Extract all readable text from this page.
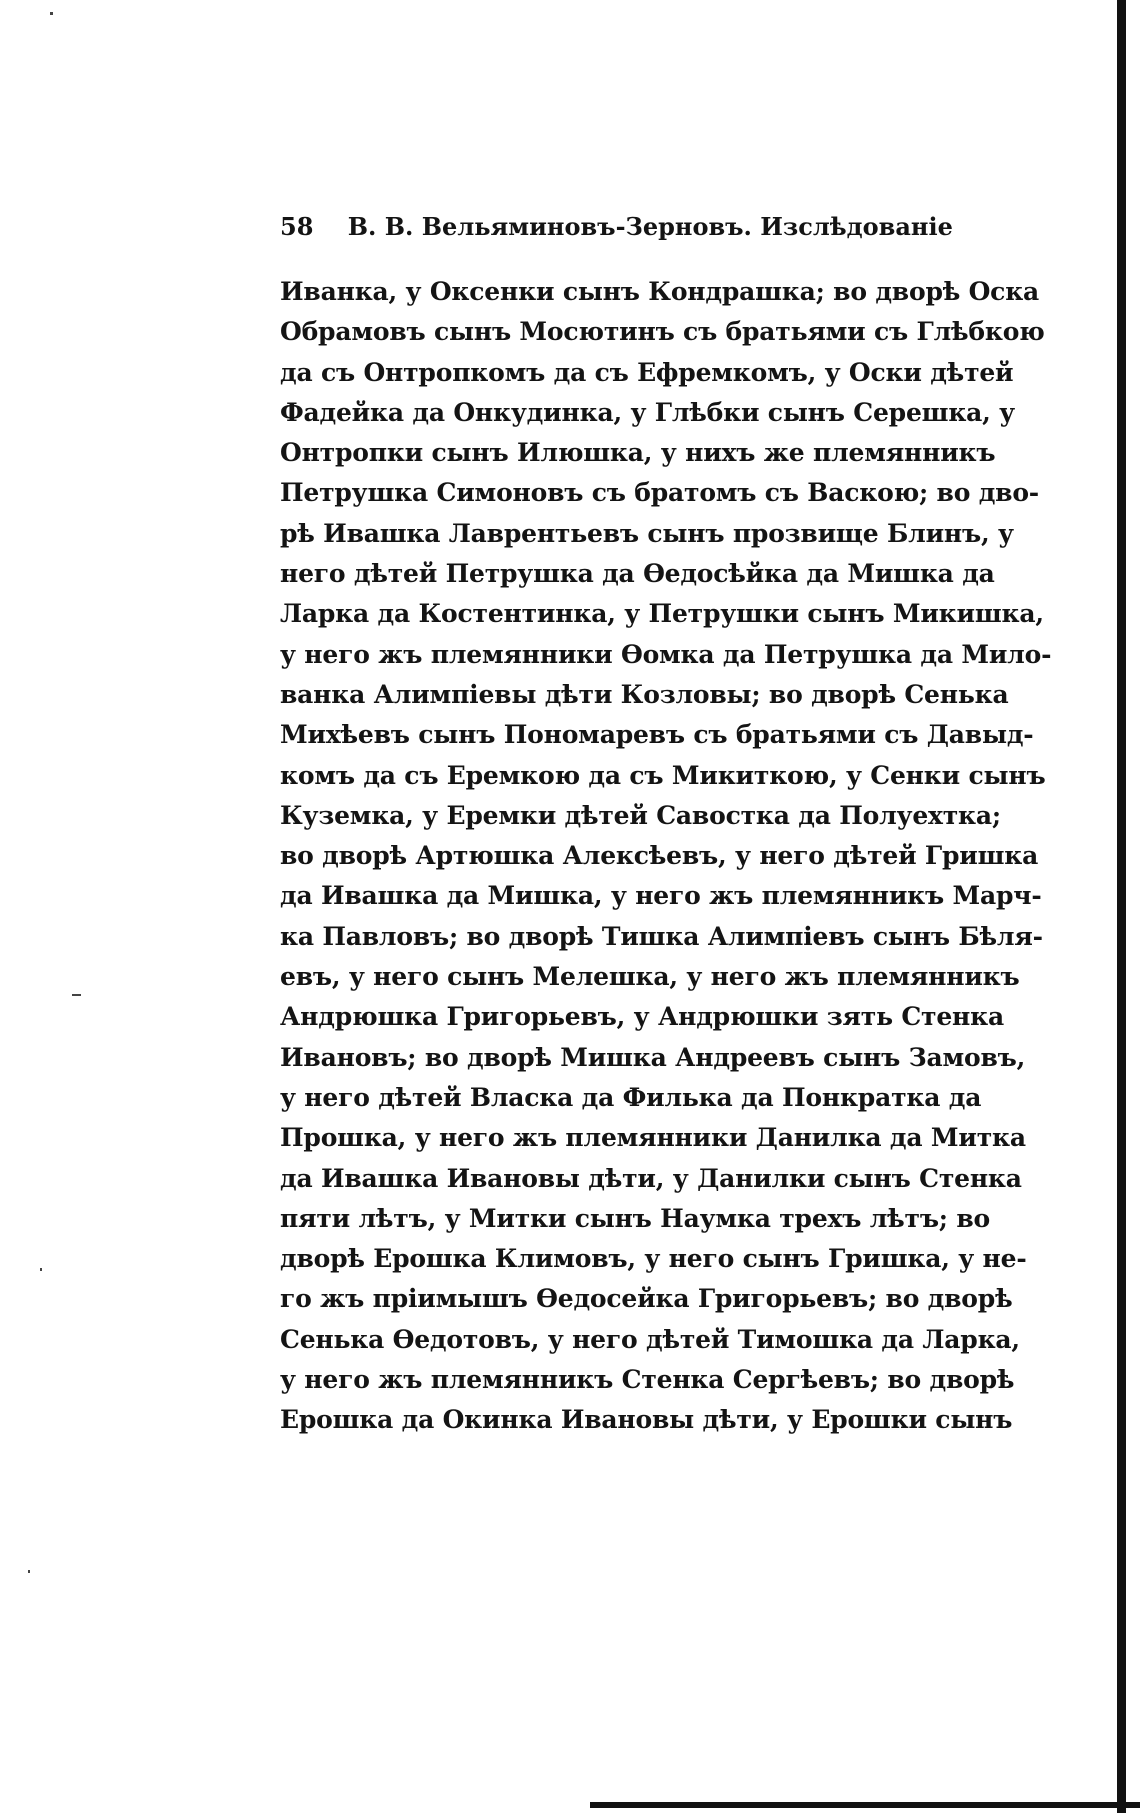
58 В. В. Вельяминовъ-Зерновъ. Изслѣдованіе
Иванка, у Оксенки сынъ Кондрашка; во дворѣ Оска
Обрамовъ сынъ Мосютинъ съ братьями съ Глѣбкою
да съ Онтропкомъ да съ Ефремкомъ, у Оски дѣтей
Фадейка да Онкудинка, у Глѣбки сынъ Серешка, у
Онтропки сынъ Илюшка, у нихъ же племянникъ
Петрушка Симоновъ съ братомъ съ Васкою; во дво-
рѣ Ивашка Лаврентьевъ сынъ прозвище Блинъ, у
него дѣтей Петрушка да Ѳедосѣйка да Мишка да
Ларка да Костентинка, у Петрушки сынъ Микишка,
у него жъ племянники Ѳомка да Петрушка да Мило-
ванка Алимпіевы дѣти Козловы; во дворѣ Сенька
Михѣевъ сынъ Пономаревъ съ братьями съ Давыд-
комъ да съ Еремкою да съ Микиткою, у Сенки сынъ
Куземка, у Еремки дѣтей Савостка да Полуехтка;
во дворѣ Артюшка Алексѣевъ, у него дѣтей Гришка
да Ивашка да Мишка, у него жъ племянникъ Марч-
ка Павловъ; во дворѣ Тишка Алимпіевъ сынъ Бѣля-
евъ, у него сынъ Мелешка, у него жъ племянникъ
Андрюшка Григорьевъ, у Андрюшки зять Стенка
Ивановъ; во дворѣ Мишка Андреевъ сынъ Замовъ,
у него дѣтей Власка да Филька да Понкратка да
Прошка, у него жъ племянники Данилка да Митка
да Ивашка Ивановы дѣти, у Данилки сынъ Стенка
пяти лѣтъ, у Митки сынъ Наумка трехъ лѣтъ; во
дворѣ Ерошка Климовъ, у него сынъ Гришка, у не-
го жъ пріимышъ Ѳедосейка Григорьевъ; во дворѣ
Сенька Ѳедотовъ, у него дѣтей Тимошка да Ларка,
у него жъ племянникъ Стенка Сергѣевъ; во дворѣ
Ерошка да Окинка Ивановы дѣти, у Ерошки сынъ
